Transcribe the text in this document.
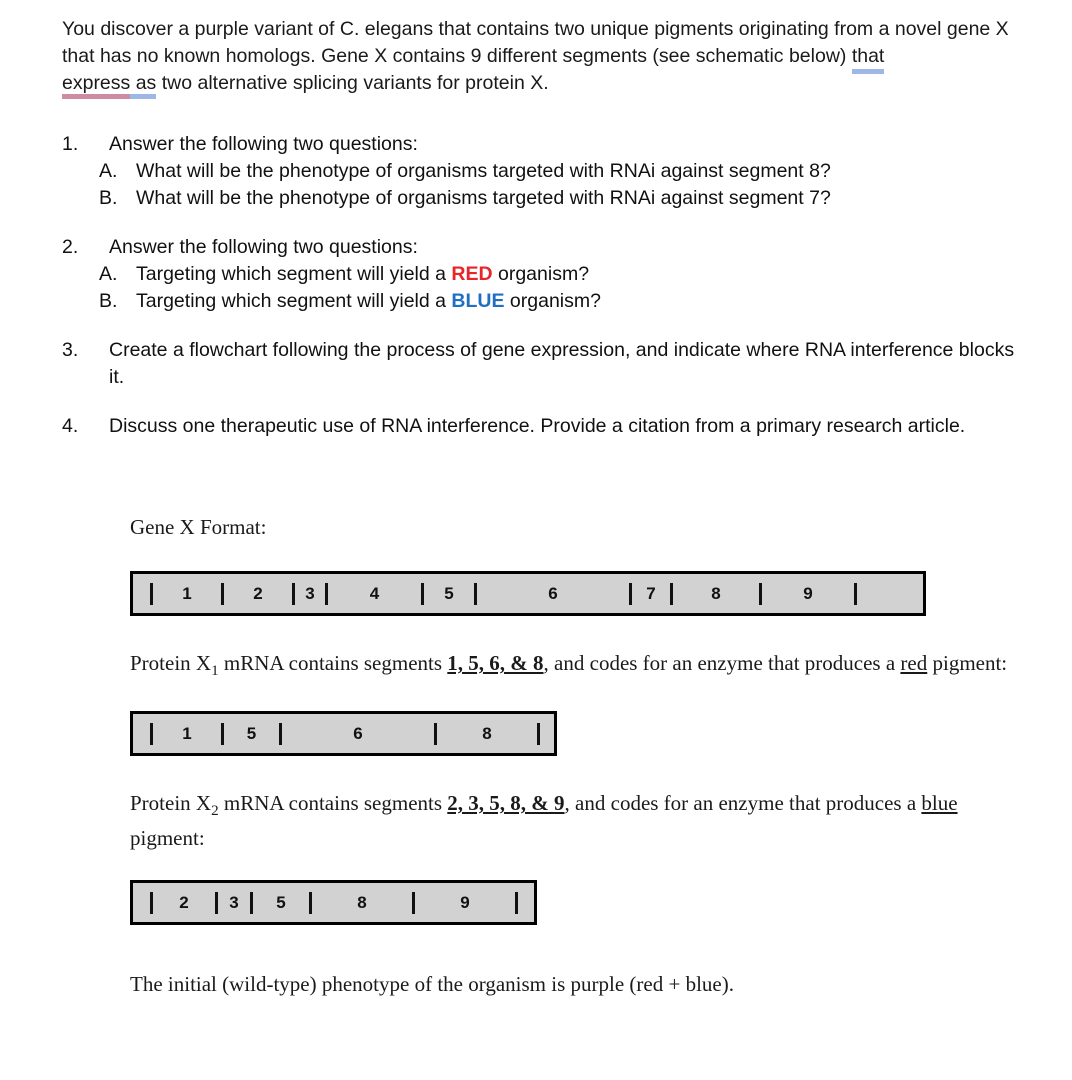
You discover a purple variant of C. elegans that contains two unique pigments originating from a novel gene X that has no known homologs. Gene X contains 9 different segments (see schematic below) that
express as two alternative splicing variants for protein X.
1.	Answer the following two questions:
A. What will be the phenotype of organisms targeted with RNAi against segment 8?
B. What will be the phenotype of organisms targeted with RNAi against segment 7?
2.	Answer the following two questions:
A. Targeting which segment will yield a RED organism?
B. Targeting which segment will yield a BLUE organism?
3.	Create a flowchart following the process of gene expression, and indicate where RNA interference blocks it.
4.	Discuss one therapeutic use of RNA interference. Provide a citation from a primary research article.
Gene X Format:
1	2	3	4	5	6	7	8	9
Protein $X_1$ mRNA contains segments 1, 5, 6, & 8, and codes for an enzyme that produces a red pigment:
1	5	6	8
Protein $X_2$ mRNA contains segments 2, 3, 5, 8, & 9, and codes for an enzyme that produces a blue pigment:
2	3	5	8	9
The initial (wild-type) phenotype of the organism is purple (red + blue).
